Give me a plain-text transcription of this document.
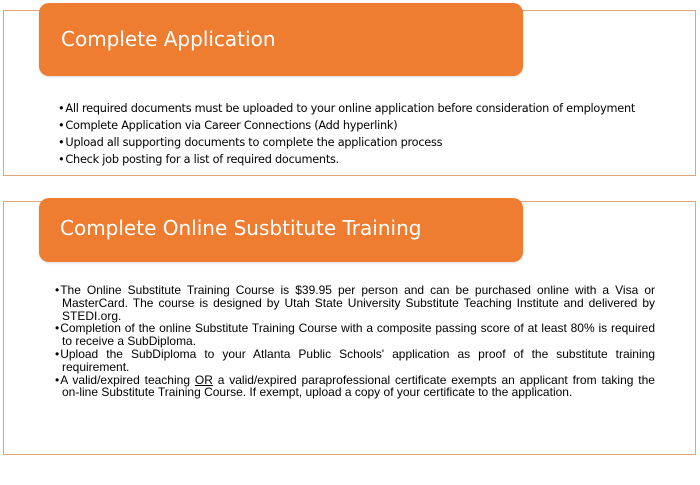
Complete Application
•All required documents must be uploaded to your online application before consideration of employment
•Complete Application via Career Connections (Add hyperlink)
•Upload all supporting documents to complete the application process
•Check job posting for a list of required documents.
Complete Online Susbtitute Training
•The Online Substitute Training Course is $39.95 per person and can be purchased online with a Visa or MasterCard. The course is designed by Utah State University Substitute Teaching Institute and delivered by STEDI.org.
•Completion of the online Substitute Training Course with a composite passing score of at least 80% is required to receive a SubDiploma.
•Upload the SubDiploma to your Atlanta Public Schools' application as proof of the substitute training requirement.
•A valid/expired teaching OR a valid/expired paraprofessional certificate exempts an applicant from taking the on-line Substitute Training Course. If exempt, upload a copy of your certificate to the application.
